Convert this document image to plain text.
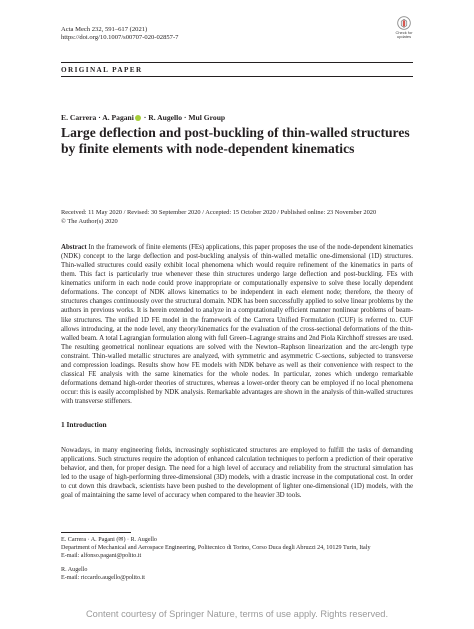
Acta Mech 232, 591–617 (2021)
https://doi.org/10.1007/s00707-020-02857-7
Check for
updates
ORIGINAL PAPER
E. Carrera · A. Pagani · R. Augello · Mul Group
Large deflection and post-buckling of thin-walled structures by finite elements with node-dependent kinematics
Received: 11 May 2020 / Revised: 30 September 2020 / Accepted: 15 October 2020 / Published online: 23 November 2020
© The Author(s) 2020
Abstract In the framework of finite elements (FEs) applications, this paper proposes the use of the node-dependent kinematics (NDK) concept to the large deflection and post-buckling analysis of thin-walled metallic one-dimensional (1D) structures. Thin-walled structures could easily exhibit local phenomena which would require refinement of the kinematics in parts of them. This fact is particularly true whenever these thin structures undergo large deflection and post-buckling. FEs with kinematics uniform in each node could prove inappropriate or computationally expensive to solve these locally dependent deformations. The concept of NDK allows kinematics to be independent in each element node; therefore, the theory of structures changes continuously over the structural domain. NDK has been successfully applied to solve linear problems by the authors in previous works. It is herein extended to analyze in a computationally efficient manner nonlinear problems of beam-like structures. The unified 1D FE model in the framework of the Carrera Unified Formulation (CUF) is referred to. CUF allows introducing, at the node level, any theory/kinematics for the evaluation of the cross-sectional deformations of the thin-walled beam. A total Lagrangian formulation along with full Green–Lagrange strains and 2nd Piola Kirchhoff stresses are used. The resulting geometrical nonlinear equations are solved with the Newton–Raphson linearization and the arc-length type constraint. Thin-walled metallic structures are analyzed, with symmetric and asymmetric C-sections, subjected to transverse and compression loadings. Results show how FE models with NDK behave as well as their convenience with respect to the classical FE analysis with the same kinematics for the whole nodes. In particular, zones which undergo remarkable deformations demand high-order theories of structures, whereas a lower-order theory can be employed if no local phenomena occur: this is easily accomplished by NDK analysis. Remarkable advantages are shown in the analysis of thin-walled structures with transverse stiffeners.
1 Introduction
Nowadays, in many engineering fields, increasingly sophisticated structures are employed to fulfill the tasks of demanding applications. Such structures require the adoption of enhanced calculation techniques to perform a prediction of their operative behavior, and then, for proper design. The need for a high level of accuracy and reliability from the structural simulation has led to the usage of high-performing three-dimensional (3D) models, with a drastic increase in the computational cost. In order to cut down this drawback, scientists have been pushed to the development of lighter one-dimensional (1D) models, with the goal of maintaining the same level of accuracy when compared to the heavier 3D tools.
E. Carrera · A. Pagani (✉) · R. Augello
Department of Mechanical and Aerospace Engineering, Politecnico di Torino, Corso Duca degli Abruzzi 24, 10129 Turin, Italy
E-mail: alfonso.pagani@polito.it
R. Augello
E-mail: riccardo.augello@polito.it
Content courtesy of Springer Nature, terms of use apply. Rights reserved.
